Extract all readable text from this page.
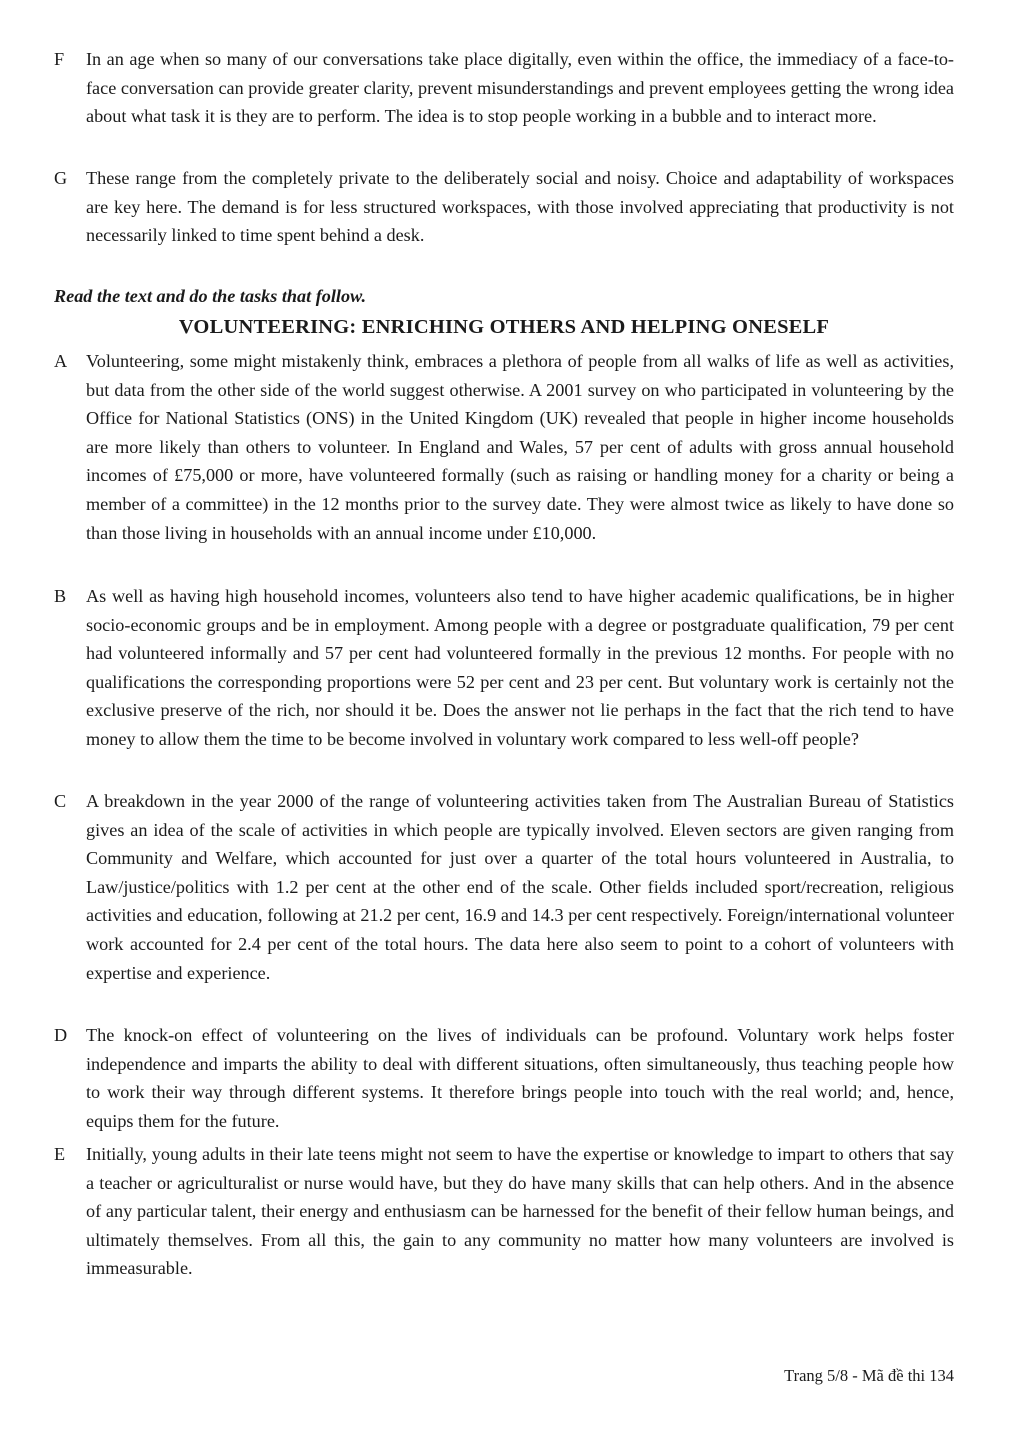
F	In an age when so many of our conversations take place digitally, even within the office, the immediacy of a face-to-face conversation can provide greater clarity, prevent misunderstandings and prevent employees getting the wrong idea about what task it is they are to perform. The idea is to stop people working in a bubble and to interact more.
G	These range from the completely private to the deliberately social and noisy. Choice and adaptability of workspaces are key here. The demand is for less structured workspaces, with those involved appreciating that productivity is not necessarily linked to time spent behind a desk.
Read the text and do the tasks that follow.
VOLUNTEERING: ENRICHING OTHERS AND HELPING ONESELF
A	Volunteering, some might mistakenly think, embraces a plethora of people from all walks of life as well as activities, but data from the other side of the world suggest otherwise. A 2001 survey on who participated in volunteering by the Office for National Statistics (ONS) in the United Kingdom (UK) revealed that people in higher income households are more likely than others to volunteer. In England and Wales, 57 per cent of adults with gross annual household incomes of £75,000 or more, have volunteered formally (such as raising or handling money for a charity or being a member of a committee) in the 12 months prior to the survey date. They were almost twice as likely to have done so than those living in households with an annual income under £10,000.
B	As well as having high household incomes, volunteers also tend to have higher academic qualifications, be in higher socio-economic groups and be in employment. Among people with a degree or postgraduate qualification, 79 per cent had volunteered informally and 57 per cent had volunteered formally in the previous 12 months. For people with no qualifications the corresponding proportions were 52 per cent and 23 per cent. But voluntary work is certainly not the exclusive preserve of the rich, nor should it be. Does the answer not lie perhaps in the fact that the rich tend to have money to allow them the time to be become involved in voluntary work compared to less well-off people?
C	A breakdown in the year 2000 of the range of volunteering activities taken from The Australian Bureau of Statistics gives an idea of the scale of activities in which people are typically involved. Eleven sectors are given ranging from Community and Welfare, which accounted for just over a quarter of the total hours volunteered in Australia, to Law/justice/politics with 1.2 per cent at the other end of the scale. Other fields included sport/recreation, religious activities and education, following at 21.2 per cent, 16.9 and 14.3 per cent respectively. Foreign/international volunteer work accounted for 2.4 per cent of the total hours. The data here also seem to point to a cohort of volunteers with expertise and experience.
D	The knock-on effect of volunteering on the lives of individuals can be profound. Voluntary work helps foster independence and imparts the ability to deal with different situations, often simultaneously, thus teaching people how to work their way through different systems. It therefore brings people into touch with the real world; and, hence, equips them for the future.
E	Initially, young adults in their late teens might not seem to have the expertise or knowledge to impart to others that say a teacher or agriculturalist or nurse would have, but they do have many skills that can help others. And in the absence of any particular talent, their energy and enthusiasm can be harnessed for the benefit of their fellow human beings, and ultimately themselves. From all this, the gain to any community no matter how many volunteers are involved is immeasurable.
Trang 5/8 - Mã đề thi 134
